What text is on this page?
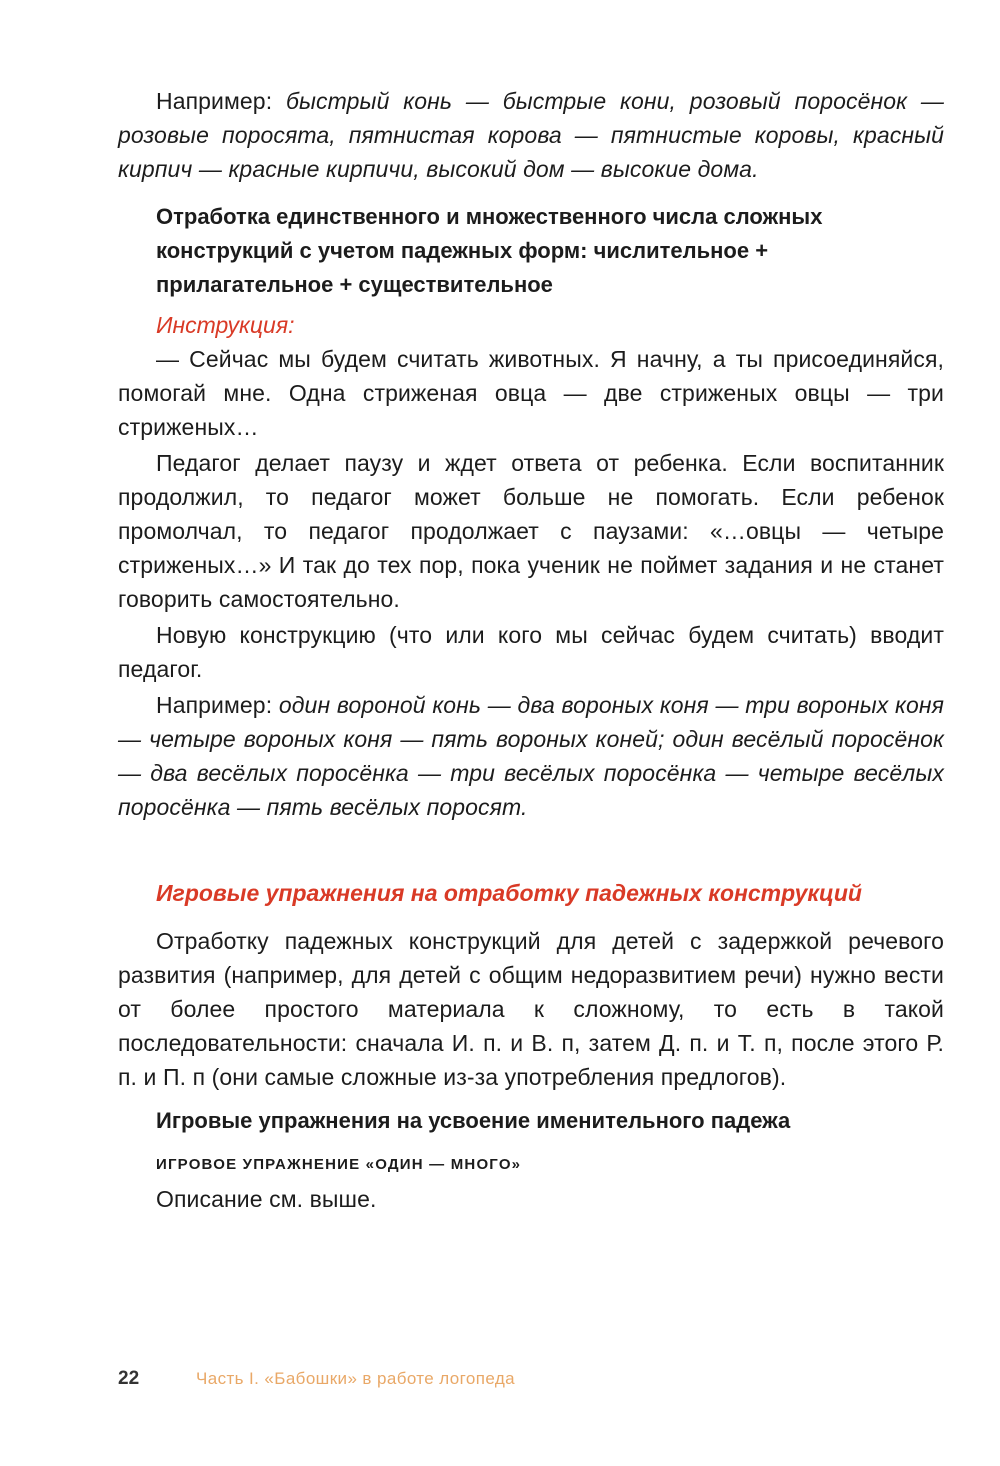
Например: быстрый конь — быстрые кони, розовый поросёнок — розовые поросята, пятнистая корова — пятнистые коровы, красный кирпич — красные кирпичи, высокий дом — высокие дома.

Отработка единственного и множественного числа сложных конструкций с учетом падежных форм: числительное + прилагательное + существительное
Инструкция:

— Сейчас мы будем считать животных. Я начну, а ты присоединяйся, помогай мне. Одна стриженая овца — две стриженых овцы — три стриженых…

Педагог делает паузу и ждет ответа от ребенка. Если воспитанник продолжил, то педагог может больше не помогать. Если ребенок промолчал, то педагог продолжает с паузами: «…овцы — четыре стриженых…» И так до тех пор, пока ученик не поймет задания и не станет говорить самостоятельно.

Новую конструкцию (что или кого мы сейчас будем считать) вводит педагог.

Например: один вороной конь — два вороных коня — три вороных коня — четыре вороных коня — пять вороных коней; один весёлый поросёнок — два весёлых поросёнка — три весёлых поросёнка — четыре весёлых поросёнка — пять весёлых поросят.

Игровые упражнения на отработку падежных конструкций

Отработку падежных конструкций для детей с задержкой речевого развития (например, для детей с общим недоразвитием речи) нужно вести от более простого материала к сложному, то есть в такой последовательности: сначала И. п. и В. п, затем Д. п. и Т. п, после этого Р. п. и П. п (они самые сложные из-за употребления предлогов).

Игровые упражнения на усвоение именительного падежа
ИГРОВОЕ УПРАЖНЕНИЕ «ОДИН — МНОГО»

Описание см. выше.

22	Часть I. «Бабошки» в работе логопеда
